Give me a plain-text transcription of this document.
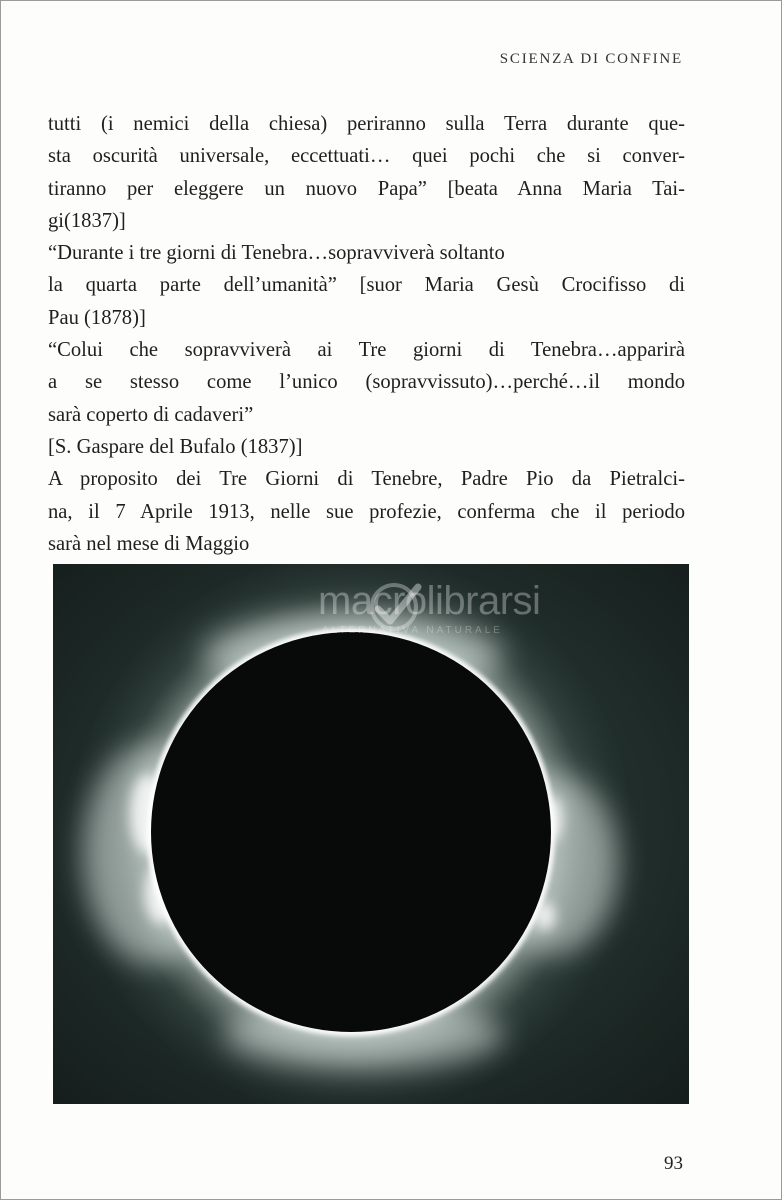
SCIENZA DI CONFINE
tutti (i nemici della chiesa) periranno sulla Terra durante que-
sta oscurità universale, eccettuati… quei pochi che si conver-
tiranno per eleggere un nuovo Papa” [beata Anna Maria Tai-
gi(1837)]
“Durante i tre giorni di Tenebra…sopravviverà soltanto
la quarta parte dell’umanità” [suor Maria Gesù Crocifisso di
Pau (1878)]
“Colui che sopravviverà ai Tre giorni di Tenebra…apparirà
a se stesso come l’unico (sopravvissuto)…perché…il mondo
sarà coperto di cadaveri”
[S. Gaspare del Bufalo (1837)]
A proposito dei Tre Giorni di Tenebre, Padre Pio da Pietralci-
na, il 7 Aprile 1913, nelle sue profezie, conferma che il periodo
sarà nel mese di Maggio
macrolibrarsi
ALTERNATIVA NATURALE
93
